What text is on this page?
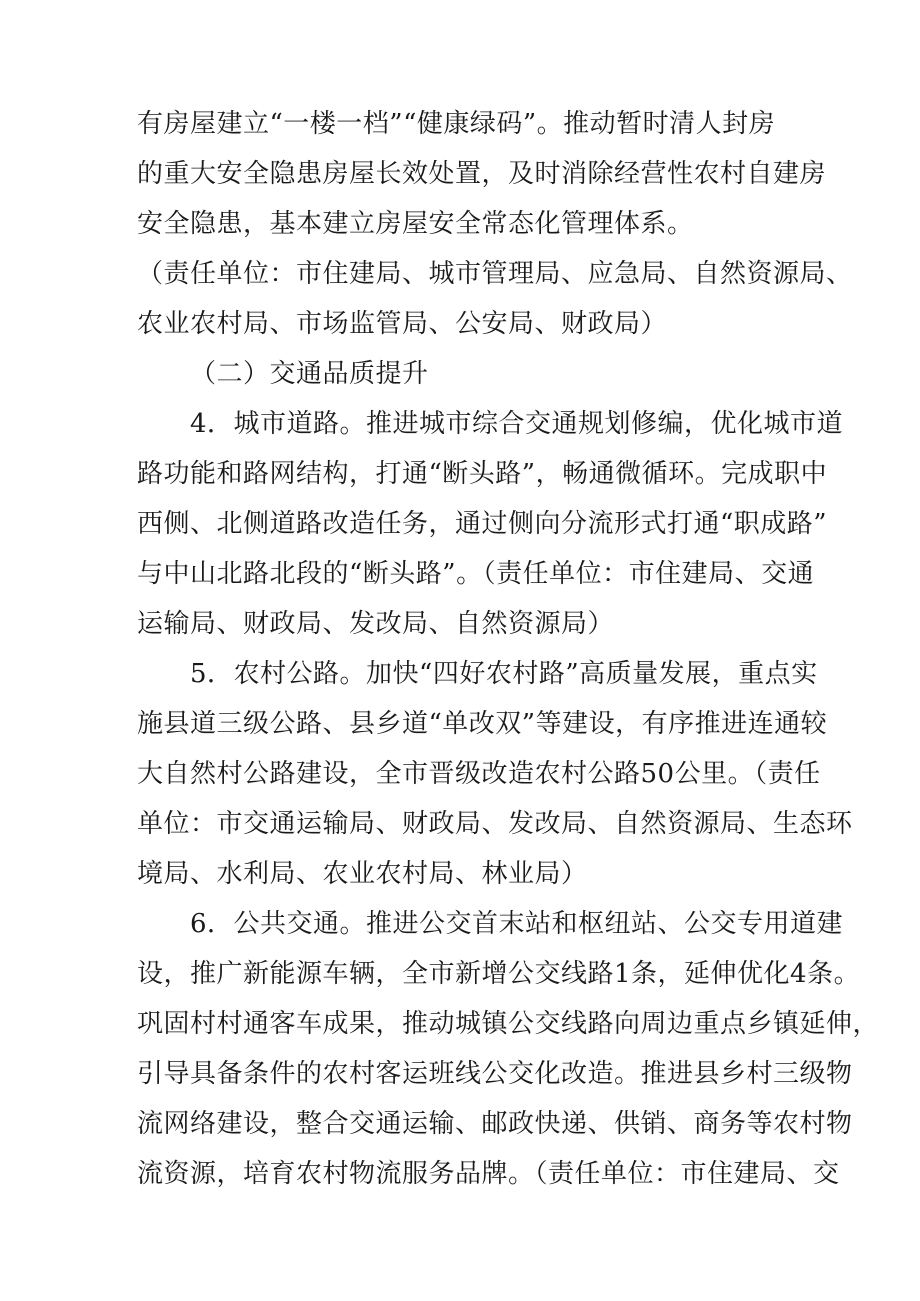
有房屋建立“一楼一档”“健康绿码”。推动暂时清人封房
的重大安全隐患房屋长效处置，及时消除经营性农村自建房
安全隐患，基本建立房屋安全常态化管理体系。
（责任单位：市住建局、城市管理局、应急局、自然资源局、
农业农村局、市场监管局、公安局、财政局）
（二）交通品质提升
4．城市道路。推进城市综合交通规划修编，优化城市道
路功能和路网结构，打通“断头路”，畅通微循环。完成职中
西侧、北侧道路改造任务，通过侧向分流形式打通“职成路”
与中山北路北段的“断头路”。（责任单位：市住建局、交通
运输局、财政局、发改局、自然资源局）
5．农村公路。加快“四好农村路”高质量发展，重点实
施县道三级公路、县乡道“单改双”等建设，有序推进连通较
大自然村公路建设，全市晋级改造农村公路50公里。（责任
单位：市交通运输局、财政局、发改局、自然资源局、生态环
境局、水利局、农业农村局、林业局）
6．公共交通。推进公交首末站和枢纽站、公交专用道建
设，推广新能源车辆，全市新增公交线路1条，延伸优化4条。
巩固村村通客车成果，推动城镇公交线路向周边重点乡镇延伸，
引导具备条件的农村客运班线公交化改造。推进县乡村三级物
流网络建设，整合交通运输、邮政快递、供销、商务等农村物
流资源，培育农村物流服务品牌。（责任单位：市住建局、交
